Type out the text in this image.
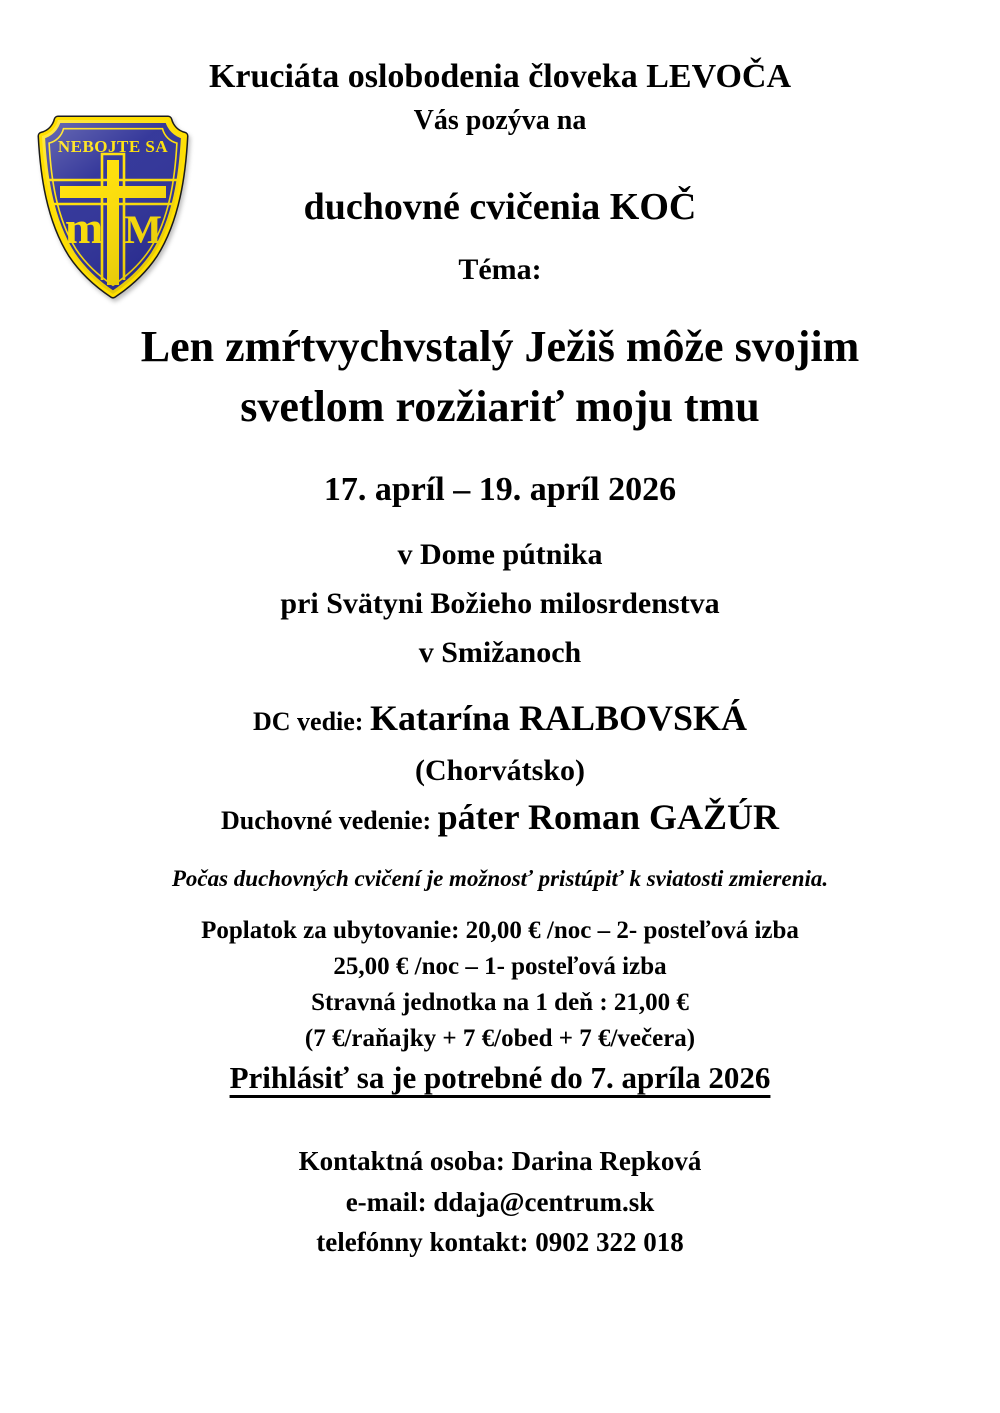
Kruciáta oslobodenia človeka LEVOČA
Vás pozýva na
duchovné cvičenia KOČ
Téma:
Len zmŕtvychvstalý Ježiš môže svojim
svetlom rozžiariť moju tmu
17. apríl – 19. apríl 2026
v Dome pútnika
pri Svätyni Božieho milosrdenstva
v Smižanoch
DC vedie: Katarína RALBOVSKÁ
(Chorvátsko)
Duchovné vedenie: páter Roman GAŽÚR
Počas duchovných cvičení je možnosť pristúpiť k sviatosti zmierenia.
Poplatok za ubytovanie: 20,00 € /noc – 2- posteľová izba
25,00 € /noc – 1- posteľová izba
Stravná jednotka na 1 deň : 21,00 €
(7 €/raňajky + 7 €/obed + 7 €/večera)
Prihlásiť sa je potrebné do 7. apríla 2026
Kontaktná osoba: Darina Repková
e-mail: ddaja@centrum.sk
telefónny kontakt: 0902 322 018
